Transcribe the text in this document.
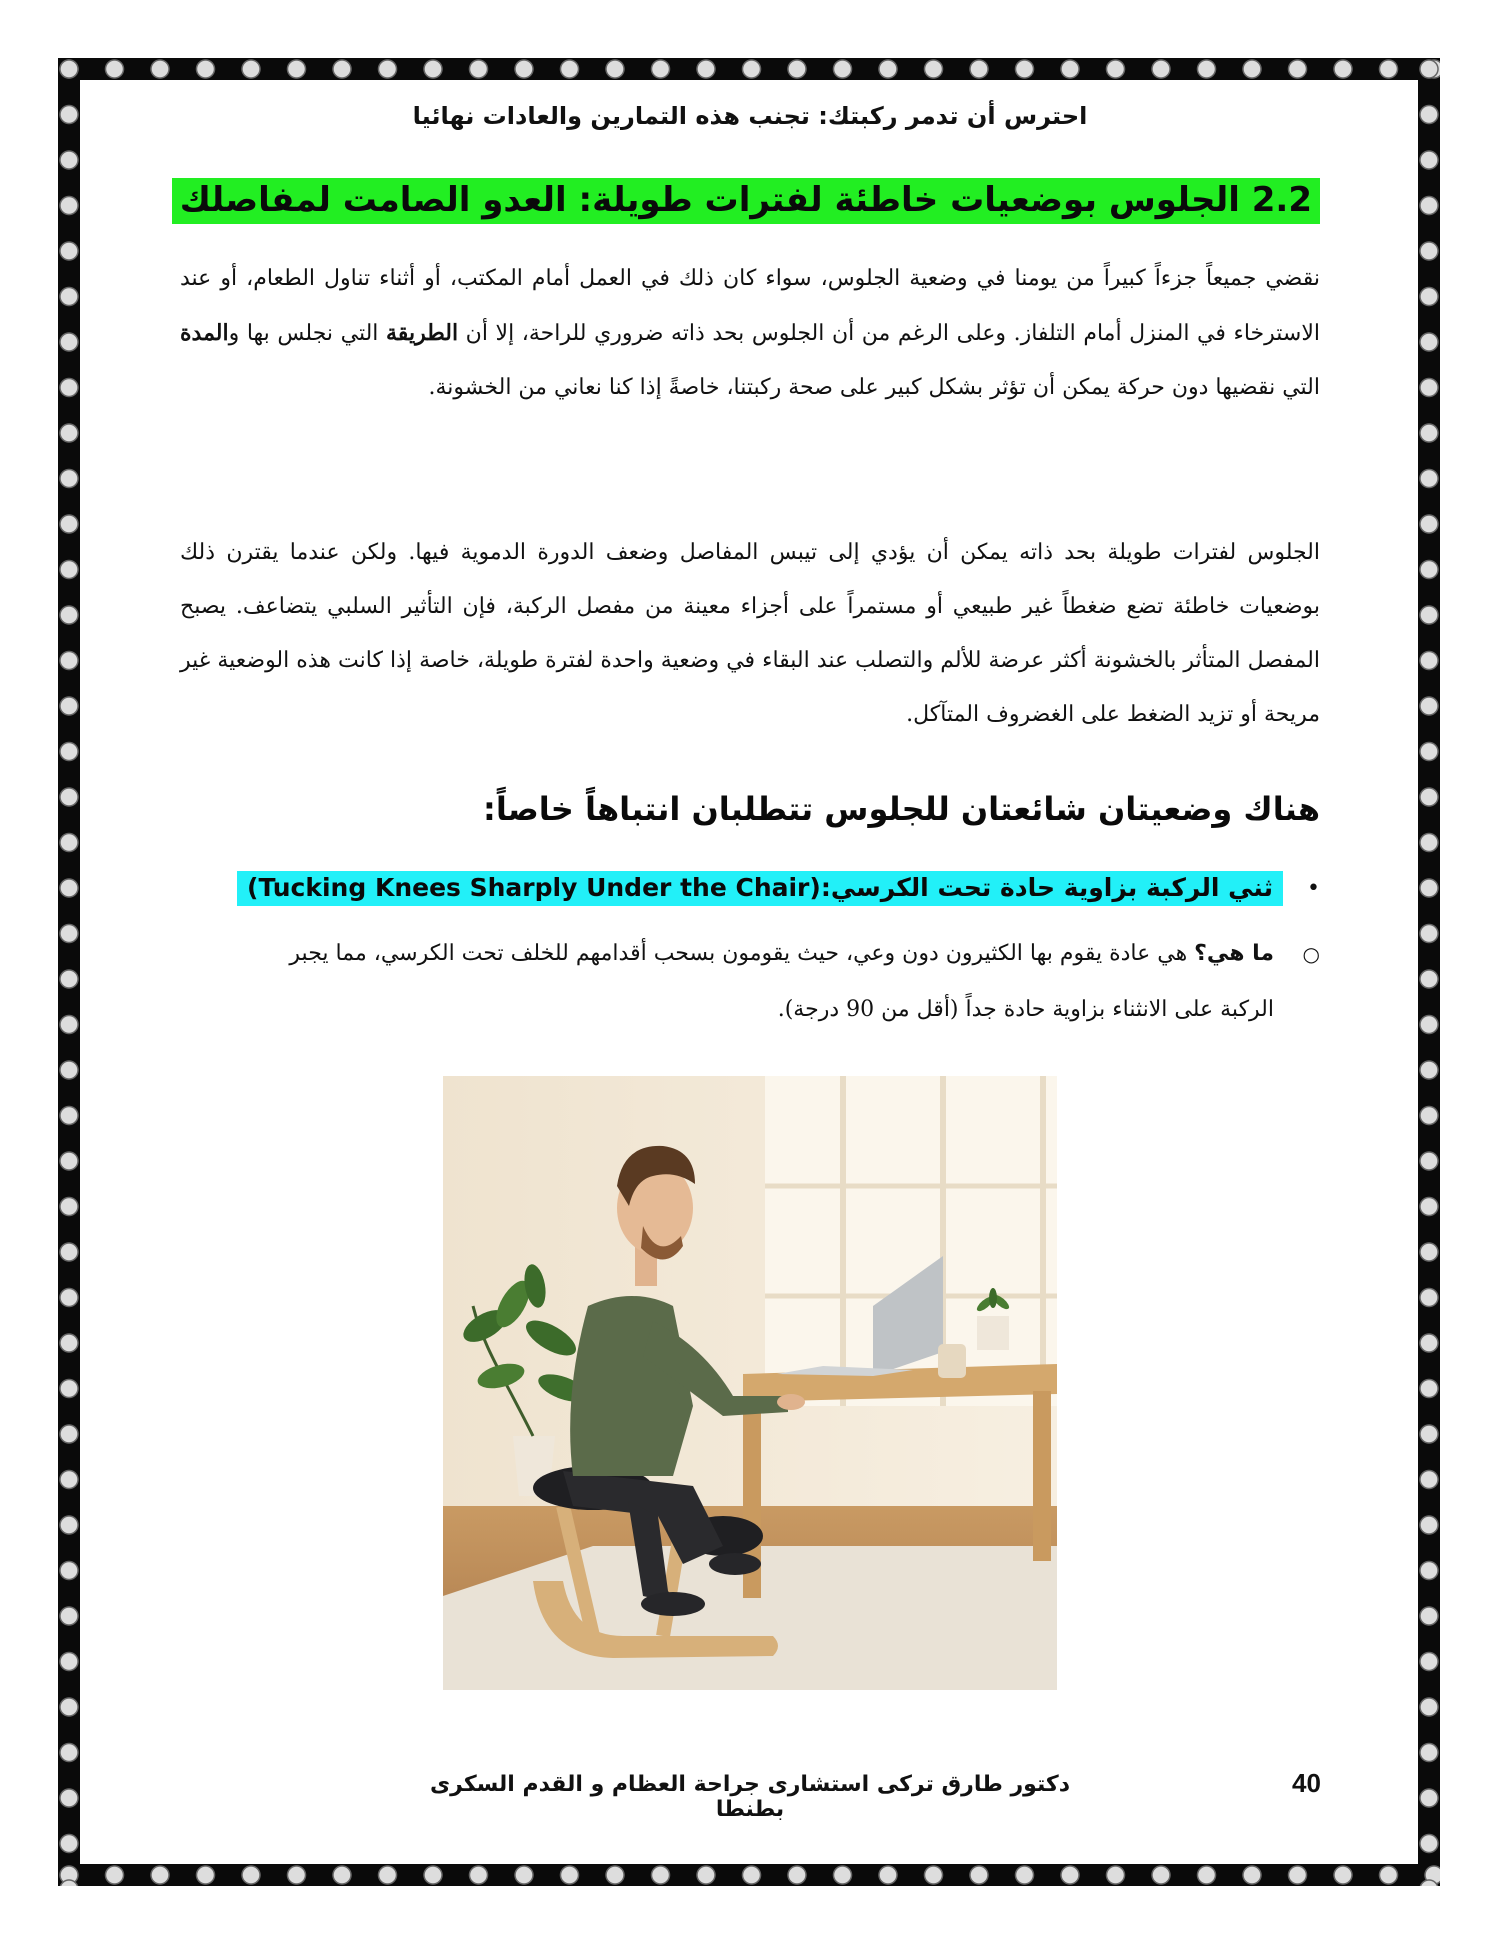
احترس أن تدمر ركبتك: تجنب هذه التمارين والعادات نهائيا
2.2 الجلوس بوضعيات خاطئة لفترات طويلة: العدو الصامت لمفاصلك
نقضي جميعاً جزءاً كبيراً من يومنا في وضعية الجلوس، سواء كان ذلك في العمل أمام المكتب، أو أثناء تناول الطعام، أو عند الاسترخاء في المنزل أمام التلفاز. وعلى الرغم من أن الجلوس بحد ذاته ضروري للراحة، إلا أن الطريقة التي نجلس بها والمدة التي نقضيها دون حركة يمكن أن تؤثر بشكل كبير على صحة ركبتنا، خاصةً إذا كنا نعاني من الخشونة.
الجلوس لفترات طويلة بحد ذاته يمكن أن يؤدي إلى تيبس المفاصل وضعف الدورة الدموية فيها. ولكن عندما يقترن ذلك بوضعيات خاطئة تضع ضغطاً غير طبيعي أو مستمراً على أجزاء معينة من مفصل الركبة، فإن التأثير السلبي يتضاعف. يصبح المفصل المتأثر بالخشونة أكثر عرضة للألم والتصلب عند البقاء في وضعية واحدة لفترة طويلة، خاصة إذا كانت هذه الوضعية غير مريحة أو تزيد الضغط على الغضروف المتآكل.
هناك وضعيتان شائعتان للجلوس تتطلبان انتباهاً خاصاً:
•
ثني الركبة بزاوية حادة تحت الكرسي:(Tucking Knees Sharply Under the Chair)
○
ما هي؟ هي عادة يقوم بها الكثيرون دون وعي، حيث يقومون بسحب أقدامهم للخلف تحت الكرسي، مما يجبر الركبة على الانثناء بزاوية حادة جداً (أقل من 90 درجة).
دكتور طارق تركى استشارى جراحة العظام و القدم السكرى بطنطا
40
